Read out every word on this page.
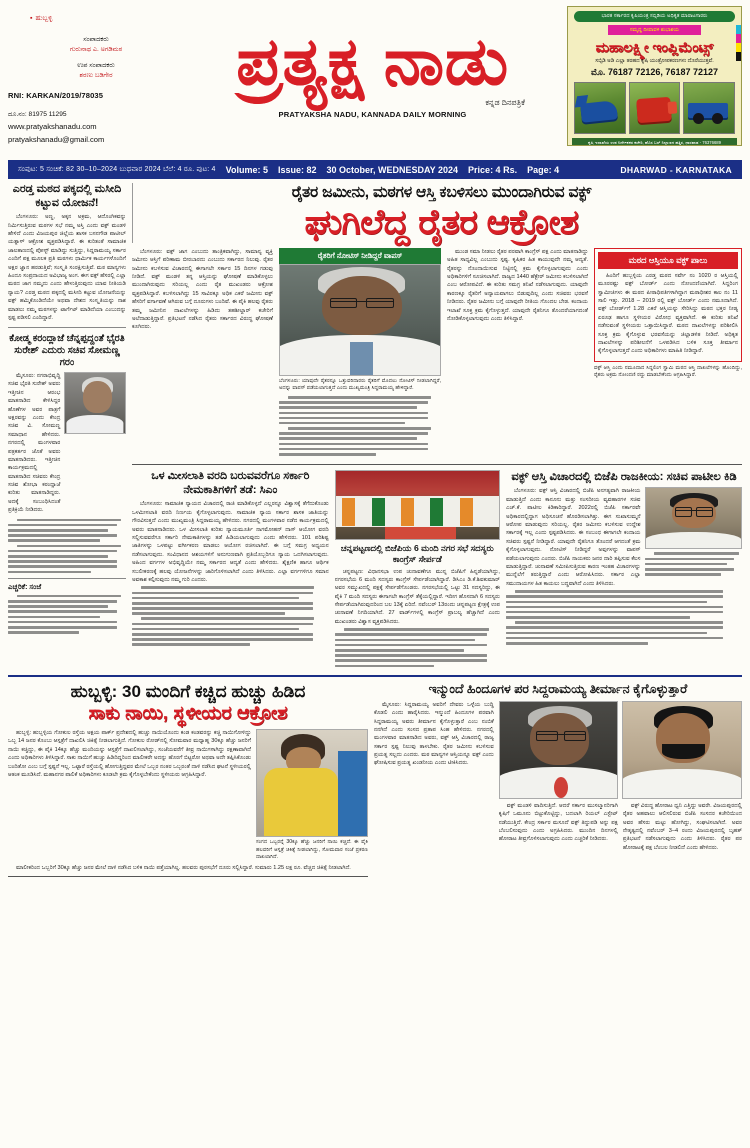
▪ ಹುಬ್ಬಳ್ಳಿ
ಸಂಪಾದಕರು
ಗುರುನಾಥ ಎ. ಅಗಡಿಮಠ
ಉಪ ಸಂಪಾದಕರು
ಶರಣು ಬಡಿಗೇರ
RNI: KARKAN/2019/78035
ದೂ.ನಂ: 81975 11295
www.pratyakshanadu.com
pratyakshanadu@gmail.com
ಪ್ರತ್ಯಕ್ಷ ನಾಡು
ಕನ್ನಡ ದಿನಪತ್ರಿಕೆ
PRATYAKSHA NADU, KANNADA DAILY MORNING
ಭಾರತ ಸರ್ಕಾರದ ಕೃಷಿಯಂತ್ರ ಸಬ್ಸಿಡಿಯ ಅಧಿಕೃತ ಮಾರಾಟಗಾರರು
ಸಮೃದ್ಧ ದೀಪಾವಳಿ ಶುಭಾಶಯ
ಮಹಾಲಕ್ಷ್ಮೀ ಇಂಪ್ಲಿಮೆಂಟ್ಸ್
ಸಬ್ಸಿಡಿ ಅಡಿ ಎಲ್ಲಾ ತರಹದ ಕೃಷಿ ಯಂತ್ರೋಪಕರಣಗಳು ದೊರೆಯುತ್ತವೆ.
ಮೊ. 76187 72126, 76187 72127
ಕೃಷಿ ಇಲಾಖೆಯ ಉಪ ನಿರ್ದೇಶಕರ ಕಚೇರಿ, ಹೊಸ ಬಸ್ ನಿಲ್ದಾಣದ ಹತ್ತಿರ, ಧಾರವಾಡ - 76376689
ಸಂಪುಟ: 5 ಸಂಚಿಕೆ: 82 30–10–2024 ಬುಧವಾರ 2024 ಬೆಲೆ: 4 ರೂ. ಪುಟ: 4 Volume: 5 Issue: 82 30 October, WEDNESDAY 2024 Price: 4 Rs. Page: 4	DHARWAD - KARNATAKA
ಎರಡ್ತ ಮಠದ ಪಕ್ಕದಲ್ಲಿ ಮಸೀದಿ ಕಟ್ಟುವ ಯೋಜನೆ!

ಬೆಂಗಳೂರು: ಅಣ್ಣ, ಅಕ್ಕನ ಅಕ್ರಮ, ಆದೊಂಗಿಕವನ್ನು ನಿರ್ಮಿಸುತ್ತಿರುವ ಮಠಗಳ ಸಭೆ ನಮ್ಮ ಅಸ್ತಿ ಎಂದು ವಕ್ಫ್ ಮಂಡಳಿ ಹೇಳಿದೆ ಎಂದು ವಿಜಯಪುರ ಜಿಲ್ಲೆಯ ಶಾಸಕ ಬಸನಗೌಡ ಪಾಟೀಲ್ ಯತ್ನಾಳ್ ಆಕ್ರೋಶ ವ್ಯಕ್ತಪಡಿಸಿದ್ದಾರೆ. ಈ ಕುರಿತಂತೆ ಸಾಮಾಜಿಕ ಜಾಲತಾಣದಲ್ಲಿ ಪೋಸ್ಟ್ ಮಾಡಿದ್ದು ಸುತ್ತಿದ್ದು, ಸಿದ್ದರಾಮಯ್ಯ ಸರ್ಕಾರ ಎಂದಿಗೆ ಪಕ್ಷ ಮೂಲಕ ಪ್ರತಿ ಮಠಗಳು ಧಾರ್ಮಿಕ ಕಾರ್ಯಗಳೊಂದಿಗೆ ಅಕ್ಷರ ಜ್ಞಾನ ಹರಡುತ್ತಿವೆ; ಸಂಸ್ಕೃತಿ ಸಂರಕ್ಷಿಸುತ್ತಿವೆ. ಮಠ ಮಾನ್ಯಗಳು ಹಿಂದೂ ಸಂಪ್ರದಾಯದ ಅವಿಭಾಜ್ಯ ಅಂಗ. ಈಗ ವಕ್ಫ್ ಹೆಸರಲ್ಲಿ ಎಲ್ಲಾ ಮಠದ ಜಾಗ ನಮ್ಮದು ಎಂದು ಹೇಳುತ್ತಿರುವುದು ಯಾವ ನೀತಿಯಡಿ ನ್ಯಾಯ? ಎರಡ್ತ ಮಠದ ಪಕ್ಕದಲ್ಲಿ ಮಸೀದಿ ಕಟ್ಟುವ ಯೋಜನೆಯನ್ನು ವಕ್ಫ್ ಹಮ್ಮಿಕೊಂಡಿದೆಯೇ ಅಥವಾ ದೇಶದ ಸಂಸ್ಕೃತಿಯನ್ನು ನಾಶ ಮಾಡಲು ನಮ್ಮ ಮಠಗಳನ್ನು ಟಾರ್ಗೆಟ್ ಮಾಡಿದೆಯಾ ಎಂಬುದನ್ನು ಸ್ಪಷ್ಟ ಪಡಿಸಲಿ ಎಂದಿದ್ದಾರೆ.

ಕೋಡ್ಮ ಕರಂದ್ಲಾಜೆ ಚೆನ್ನಪ್ಪದ್ದಂತೆ ಭೈರತಿ ಸುರೇಶ್ ಎದುರು ಸಚಿವ ಸೋಮಣ್ಣ ಗರಂ

ಮೈಸೂರು: ನಗರಾಭಿವೃದ್ಧಿ ಸಚಿವ ಭೈರತಿ ಸುರೇಶ್ ಅವರು ಇತ್ತೀಚಿನ ಆರಂಭ ಮಾತನಾಡಿದ ಕೇಳಿಸಿದ್ದರ ಹೊಣೆಗಳ ಅವರ ಪಾತ್ರಗೆ ಅಕ್ಷರವನ್ನು ಎಂದು ಕೇಂದ್ರ ಸಚಿವ ವಿ. ಸೋಮಣ್ಣ ಸಮಾಧಾನ ಹೇಳಿದರು. ನಗರದಲ್ಲಿ ಮಂಗಳವಾರ ಪತ್ರಕರ್ತರ ಜೊತೆ ಅವರು ಮಾತನಾಡಿದರು. ಇತ್ತೀಚಿನ ಕಾರ್ಯಕ್ರಮದಲ್ಲಿ ಮಾತನಾಡಿದ ಸಚಿವರು ಕೇಂದ್ರ ಸಚಿವ ಶೋಭಾ ಕರಂದ್ಲಾಜೆ ಕುರಿತು ಮಾತನಾಡಿದ್ದರು. ಅದಕ್ಕೆ ಸಂಬಂಧಿಸಿದಂತೆ ಪ್ರತಿಕ್ರಿಯೆ ನೀಡಿದರು.

ಎಚ್ಚರಿಕೆ: ಸಂಜೆ
ರೈತರ ಜಮೀನು, ಮಠಗಳ ಆಸ್ತಿ ಕಬಳಿಸಲು ಮುಂದಾಗಿರುವ ವಕ್ಫ್
ಘುಗಿಲೆದ್ದ ರೈತರ ಆಕ್ರೋಶ

ಬೆಂಗಳೂರು: ವಕ್ಫ್ ಜಾಗ ಎಂಬುದು ತಾಂತ್ರಿಕವಾಗಿದ್ದು, ಸಾಮಾನ್ಯ ವ್ಯಕ್ತಿ ಜಮೀನು ಆಸ್ತಿಗೆ ಪರಿಣಾಮ ಬೀರಬಾರದು ಎಂಬುದು ಸರ್ಕಾರದ ನಿಲುವು. ರೈತರ ಜಮೀನು ಕಬಳಿಸುವ ವಿಚಾರದಲ್ಲಿ ಈಗಾಗಲೇ ಸರ್ಕಾರ 15 ದಿನಗಳ ಗಡುವು ನೀಡಿದೆ. ವಕ್ಫ್ ಮಂಡಳಿ ತನ್ನ ಆಸ್ತಿಯನ್ನು ಘೋಷಣೆ ಮಾಡಿಕೊಳ್ಳಲು ಮುಂದಾಗಿರುವುದು ಸರಿಯಲ್ಲ ಎಂದು ರೈತ ಮುಖಂಡರು ಆಕ್ರೋಶ ವ್ಯಕ್ತಪಡಿಸಿದ್ದಾರೆ. ಕಬಳಿಸಲಾಗಿದ್ದು 15 ಸಾವಿರಕ್ಕೂ ಅಧಿಕ ಎಕರೆ ಜಮೀನು ವಕ್ಫ್ ಹೆಸರಿಗೆ ವರ್ಗಾವಣೆ ಆಗಿರುವ ಬಗ್ಗೆ ದೂರುಗಳು ಬಂದಿವೆ. ಈ ಪೈಕಿ ಹಲವು ರೈತರು ತಮ್ಮ ಜಮೀನಿನ ದಾಖಲೆಗಳನ್ನು ಹಿಡಿದು ತಹಶೀಲ್ದಾರ್ ಕಚೇರಿಗೆ ಅಲೆದಾಡುತ್ತಿದ್ದಾರೆ. ಪ್ರತಿಭಟನೆ ನಡೆಸಿದ ರೈತರು ಸರ್ಕಾರದ ವಿರುದ್ಧ ಘೋಷಣೆ ಕೂಗಿದರು.

ರೈತರಿಗೆ ನೋಟಿಸ್ ನೀಡಿದ್ದರೆ ವಾಪಸ್
ಬೆಂಗಳೂರು: ಯಾವುದೇ ರೈತರನ್ನೂ ಒತ್ತುವರಿದಾರರು ರೈತರಿಗೆ ಮೊದಲು ನೋಟಿಸ್ ನೀಡಲಾಗಿದ್ದರೆ, ಅದನ್ನು ವಾಪಸ್ ಪಡೆಯಲಾಗುತ್ತದೆ ಎಂದು ಮುಖ್ಯಮಂತ್ರಿ ಸಿದ್ದರಾಮಯ್ಯ ಹೇಳಿದ್ದಾರೆ.

ಮುಂಡ ಸಮಾ ನೀಡಲು ರೈತರ ಪರವಾಗಿ ಕಾಂಗ್ರೆಸ್ ಪಕ್ಷ ಎಂದು ಮಾತನಾಡಿದ್ದು ಅಹಿತ ಸಾಧ್ಯವಿಲ್ಲ ಎಂಬುದು ಸ್ಪಷ್ಟ. ಕೃಷಿಕರ ಹಿತ ಕಾಯುವುದೇ ನಮ್ಮ ಆದ್ಯತೆ. ರೈತರನ್ನು ನೊಂದಾಯಿಸುವ ನಿಟ್ಟಿನಲ್ಲಿ ಕ್ರಮ ಕೈಗೊಳ್ಳಲಾಗುವುದು ಎಂದು ಅಧಿಕಾರಿಗಳಿಗೆ ಸೂಚಿಸಲಾಗಿದೆ. ರಾಜ್ಯದ 1440 ಹೆಕ್ಟೇರ್ ಜಮೀನು ಕಬಳಿಸಲಾಗಿದೆ ಎಂಬ ಆರೋಪವಿದೆ. ಈ ಕುರಿತು ಸಮಗ್ರ ತನಿಖೆ ನಡೆಸಲಾಗುವುದು. ಯಾವುದೇ ಕಾರಣಕ್ಕೂ ರೈತರಿಗೆ ಅನ್ಯಾಯವಾಗಲು ಬಿಡುವುದಿಲ್ಲ ಎಂದು ಸಚಿವರು ಭರವಸೆ ನೀಡಿದರು. ರೈತರ ಜಮೀನು ಬಗ್ಗೆ ಯಾವುದೇ ರೀತಿಯ ಗೊಂದಲ ಬೇಡ. ಕಂದಾಯ ಇಲಾಖೆ ಸೂಕ್ತ ಕ್ರಮ ಕೈಗೊಳ್ಳುತ್ತದೆ. ಯಾವುದೇ ರೈತನಿಗೂ ತೊಂದರೆಯಾಗದಂತೆ ನೋಡಿಕೊಳ್ಳಲಾಗುವುದು ಎಂದು ತಿಳಿಸಿದ್ದಾರೆ.

ಮಠದ ಆಸ್ತಿಯೂ ವಕ್ಫ್ ಪಾಲು

ಹಿಂದಿಗೆ ಹುಬ್ಬಳ್ಳಿಯ ಎರಡ್ತ ಮಠದ ಸರ್ವೇ ನಂ 1020 ರ ಆಸ್ತಿಯಲ್ಲಿ ಮೂರರಷ್ಟು ವಕ್ಫ್ ಬೋರ್ಡ್ ಎಂದು ನೋಂದಣಿಯಾಗಿದೆ. ಸಿದ್ದರಿಂಗ ಸ್ವಾಮೀಜಿಗಳು ಈ ಮಠದ ಪೀಠಾಧಿಪತಿಗಳಾಗಿದ್ದಾಗ ಮಠಾಧೀಶರ ಕಾಲ ನಂ 11 ಸಾಲಿ ಇತ್ತು. 2018 – 2019 ರಲ್ಲಿ ವಕ್ಫ್ ಬೋರ್ಡ್ ಎಂದು ನಮೂದಾಗಿದೆ. ವಕ್ಫ್ ಬೋರ್ಡ್‌ಗೆ 1.28 ಎಕರೆ ಆಸ್ತಿಯನ್ನು ಸೇರಿಸಿದ್ದು ಮಠದ ಭಕ್ತರ ನೀಡ್ಯ ಏರೂಢ ಹಾಗೂ ಸ್ಥಳೀಯರ ವಿರೋಧ ವ್ಯಕ್ತವಾಗಿದೆ. ಈ ಕುರಿತು ತನಿಖೆ ನಡೆಸುವಂತೆ ಸ್ಥಳೀಯರು ಒತ್ತಾಯಿಸಿದ್ದಾರೆ. ಮಠದ ದಾಖಲೆಗಳನ್ನು ಪರಿಶೀಲಿಸಿ ಸೂಕ್ತ ಕ್ರಮ ಕೈಗೊಳ್ಳುವ ಭರವಸೆಯನ್ನು ಜಿಲ್ಲಾಡಳಿತ ನೀಡಿದೆ. ಅಧಿಕೃತ ದಾಖಲೆಗಳನ್ನು ಪರಿಶೀಲನೆಗೆ ಒಳಪಡಿಸಿದ ಬಳಿಕ ಸೂಕ್ತ ತೀರ್ಮಾನ ಕೈಗೊಳ್ಳಲಾಗುತ್ತದೆ ಎಂದು ಅಧಿಕಾರಿಗಳು ಮಾಹಿತಿ ನೀಡಿದ್ದಾರೆ.

ವಕ್ಫ್ ಆಸ್ತಿ ಎಂದು ನಮೂದಾದ ಸಿದ್ಧಲಿಂಗ ಸ್ವಾಮಿ ಮಠದ ಆಸ್ತಿ ದಾಖಲೆಗಳನ್ನು ಹೊಂದಿದ್ದು, ರೈತರು ಅಕ್ರಮ ನೋಂದಣಿ ರದ್ದು ಮಾಡಬೇಕೆಂದು ಆಗ್ರಹಿಸಿದ್ದಾರೆ.
ಒಳ ಮೀಸಲಾತಿ ವರದಿ ಬರುವವರೆಗೂ ಸರ್ಕಾರಿ ನೇಮಕಾತಿಗಳಿಗೆ ತಡೆ: ಸಿಎಂ

ಬೆಂಗಳೂರು: ಸಾಮಾಜಿಕ ನ್ಯಾಯದ ವಿಚಾರದಲ್ಲಿ ರಾಜಿ ಮಾಡಿಕೊಳ್ಳದೆ ಎಲ್ಲರನ್ನೂ ವಿಶ್ವಾಸಕ್ಕೆ ತೆಗೆದುಕೊಂಡು ಒಳಮೀಸಲಾತಿ ವರದಿ ನಿರ್ಣಯ ಕೈಗೊಳ್ಳಲಾಗುವುದು. ಸಾಮಾಜಿಕ ನ್ಯಾಯ ಸರ್ಕಾರ ಶಾಸಕ ಜಾತಿಯನ್ನು ಗೌರವಿಸುತ್ತದೆ ಎಂದು ಮುಖ್ಯಮಂತ್ರಿ ಸಿದ್ದರಾಮಯ್ಯ ಹೇಳಿದರು. ನಗರದಲ್ಲಿ ಮಂಗಳವಾರ ನಡೆದ ಕಾರ್ಯಕ್ರಮದಲ್ಲಿ ಅವರು ಮಾತನಾಡಿದರು. ಒಳ ಮೀಸಲಾತಿ ಕುರಿತು ನ್ಯಾಯಮೂರ್ತಿ ನಾಗಮೋಹನ್ ದಾಸ್ ಆಯೋಗ ವರದಿ ಸಲ್ಲಿಸುವವರೆಗೂ ಸರ್ಕಾರಿ ನೇಮಕಾತಿಗಳನ್ನು ತಡೆ ಹಿಡಿಯಲಾಗುವುದು ಎಂದು ಹೇಳಿದರು. 101 ಪರಿಶಿಷ್ಟ ಜಾತಿಗಳನ್ನು ಒಳಪಟ್ಟು ವರ್ಗೀಕರಣ ಮಾಡಲು ಆಯೋಗ ರಚಿಸಲಾಗಿದೆ. ಈ ಬಗ್ಗೆ ಸಮಗ್ರ ಅಧ್ಯಯನ ನಡೆಸಲಾಗುವುದು. ಸಂವಿಧಾನದ ಆಶಯಗಳಿಗೆ ಅನುಗುಣವಾಗಿ ಪ್ರತಿಯೊಬ್ಬರಿಗೂ ನ್ಯಾಯ ಒದಗಿಸಲಾಗುವುದು. ಅಹಿಂದ ವರ್ಗಗಳ ಅಭಿವೃದ್ಧಿಯೇ ನಮ್ಮ ಸರ್ಕಾರದ ಆದ್ಯತೆ ಎಂದು ಹೇಳಿದರು. ಶೈಕ್ಷಣಿಕ ಹಾಗೂ ಆರ್ಥಿಕ ಸಬಲೀಕರಣಕ್ಕೆ ಹಲವು ಯೋಜನೆಗಳನ್ನು ಜಾರಿಗೊಳಿಸಲಾಗಿದೆ ಎಂದು ತಿಳಿಸಿದರು. ಎಲ್ಲಾ ವರ್ಗಗಳಿಗೂ ಸಮಾನ ಅವಕಾಶ ಕಲ್ಪಿಸುವುದು ನಮ್ಮ ಗುರಿ ಎಂದರು.

ಚನ್ನಪಟ್ಟಣದಲ್ಲಿ ಬಿಜೆಪಿಯ 6 ಮಂದಿ ನಗರ ಸಭೆ ಸದಸ್ಯರು ಕಾಂಗ್ರೆಸ್ ಸೇರ್ಪಡೆ

ಚನ್ನಪಟ್ಟಣ: ವಿಧಾನಸಭಾ ಉಪ ಚುನಾವಣೆಗೂ ಮುನ್ನ ಬಿಜೆಪಿಗೆ ಹಿನ್ನಡೆಯಾಗಿದ್ದು, ನಗರಸಭೆಯ 6 ಮಂದಿ ಸದಸ್ಯರು ಕಾಂಗ್ರೆಸ್ ಸೇರ್ಪಡೆಯಾಗಿದ್ದಾರೆ. ಡಿಸಿಎಂ ಡಿ.ಕೆ.ಶಿವಕುಮಾರ್ ಅವರ ಸಮ್ಮುಖದಲ್ಲಿ ಪಕ್ಷಕ್ಕೆ ಸೇರ್ಪಡೆಗೊಂಡರು. ನಗರಸಭೆಯಲ್ಲಿ ಒಟ್ಟು 31 ಸದಸ್ಯರಿದ್ದು, ಈ ಪೈಕಿ 7 ಮಂದಿ ಸದಸ್ಯರು ಈಗಾಗಲೇ ಕಾಂಗ್ರೆಸ್ ತೆಕ್ಕೆಯಲ್ಲಿದ್ದಾರೆ. ಇದೀಗ ಹೊಸದಾಗಿ 6 ಸದಸ್ಯರು ಸೇರ್ಪಡೆಯಾಗಿರುವುದರಿಂದ ಬಲ 13ಕ್ಕೆ ಏರಿದೆ. ನವೆಂಬರ್ 13ರಂದು ಚನ್ನಪಟ್ಟಣ ಕ್ಷೇತ್ರಕ್ಕೆ ಉಪ ಚುನಾವಣೆ ನಿಗದಿಯಾಗಿದೆ. 27 ವಾರ್ಡ್‌ಗಳಲ್ಲಿ ಕಾಂಗ್ರೆಸ್ ಪ್ರಾಬಲ್ಯ ಹೆಚ್ಚಾಗಿದೆ ಎಂದು ಮುಖಂಡರು ವಿಶ್ವಾಸ ವ್ಯಕ್ತಪಡಿಸಿದರು.

ವಕ್ಫ್ ಆಸ್ತಿ ವಿಚಾರದಲ್ಲಿ ಬಿಜೆಪಿ ರಾಜಕೀಯ: ಸಚಿವ ಪಾಟೀಲ ಕಿಡಿ

ಬೆಂಗಳೂರು: ವಕ್ಫ್ ಆಸ್ತಿ ವಿಚಾರದಲ್ಲಿ ಬಿಜೆಪಿ ಅನಗತ್ಯವಾಗಿ ರಾಜಕೀಯ ಮಾಡುತ್ತಿದೆ ಎಂದು ಕಾನೂನು ಮತ್ತು ಸಂಸದೀಯ ವ್ಯವಹಾರಗಳ ಸಚಿವ ಎಚ್.ಕೆ. ಪಾಟೀಲ ಕಿಡಿಕಾರಿದ್ದಾರೆ. 2022ರಲ್ಲಿ ಬಿಜೆಪಿ ಸರ್ಕಾರವೇ ಅಧಿಕಾರದಲ್ಲಿದ್ದಾಗ ಅಧಿಸೂಚನೆ ಹೊರಡಿಸಲಾಗಿತ್ತು. ಈಗ ಸುಖಾಸುಮ್ಮನೆ ಆರೋಪ ಮಾಡುವುದು ಸರಿಯಲ್ಲ. ರೈತರ ಜಮೀನು ಕಬಳಿಸುವ ಉದ್ದೇಶ ಸರ್ಕಾರಕ್ಕೆ ಇಲ್ಲ ಎಂದು ಸ್ಪಷ್ಟಪಡಿಸಿದರು. ಈ ಸಂಬಂಧ ಈಗಾಗಲೇ ಕಂದಾಯ ಸಚಿವರು ಸ್ಪಷ್ಟನೆ ನೀಡಿದ್ದಾರೆ. ಯಾವುದೇ ರೈತನಿಗೂ ತೊಂದರೆ ಆಗದಂತೆ ಕ್ರಮ ಕೈಗೊಳ್ಳಲಾಗುವುದು. ನೋಟಿಸ್ ನೀಡಿದ್ದರೆ ಅವುಗಳನ್ನು ವಾಪಸ್ ಪಡೆಯಲಾಗುವುದು ಎಂದರು. ಬಿಜೆಪಿ ನಾಯಕರು ಜನರ ದಾರಿ ತಪ್ಪಿಸುವ ಕೆಲಸ ಮಾಡುತ್ತಿದ್ದಾರೆ. ಚುನಾವಣೆ ಸಮೀಪಿಸುತ್ತಿರುವ ಕಾರಣ ಇಂತಹ ವಿಚಾರಗಳನ್ನು ಮುನ್ನೆಲೆಗೆ ತರುತ್ತಿದ್ದಾರೆ ಎಂದು ಆರೋಪಿಸಿದರು. ಸರ್ಕಾರ ಎಲ್ಲಾ ಸಮುದಾಯಗಳ ಹಿತ ಕಾಯಲು ಬದ್ಧವಾಗಿದೆ ಎಂದು ತಿಳಿಸಿದರು.

ಹುಬ್ಬಳ್ಳಿ: 30 ಮಂದಿಗೆ ಕಚ್ಚಿದ ಹುಚ್ಚು ಹಿಡಿದ
ಸಾಕು ನಾಯಿ, ಸ್ಥಳೀಯರ ಆಕ್ರೋಶ

ಹುಬ್ಬಳ್ಳಿ: ಹುಬ್ಬಳ್ಳಿಯ ಗೋಕುಲ ರಸ್ತೆಯ ಅಕ್ಷಯ ಪಾರ್ಕ್ ಪ್ರದೇಶದಲ್ಲಿ ಹುಚ್ಚು ನಾಯಿಯೊಂದು ಕಂಡ ಕಂಡವರನ್ನು ಕಚ್ಚಿ ನಾಯಿಗೋಳಿದ್ದು ಒಬ್ಬ 14 ಜನರ ಕೊಂಬು ಆಸ್ಪತ್ರೆಗೆ ದಾಖಲಿಸಿ ಚಿಕಿತ್ಸೆ ನೀಡಲಾಗುತ್ತಿದೆ. ಗೋಕುಲ ರೋಡ್‌ನಲ್ಲಿ ಸೋಮವಾರ ಮಧ್ಯಾಹ್ನ 30ಕ್ಕೂ ಹೆಚ್ಚು ಜನರಿಗೆ ನಾಯಿ ಕಚ್ಚಿದ್ದು, ಈ ಪೈಕಿ 14ಕ್ಕೂ ಹೆಚ್ಚು ಮಂದಿಯನ್ನು ಆಸ್ಪತ್ರೆಗೆ ದಾಖಲಿಸಲಾಗಿದ್ದು, ಸಂಜೆಯವರೆಗೆ ತೀವ್ರ ನಾಯಿಗಳಾಗಿದ್ದು ರಕ್ಷಣಾವಾಗಿದೆ ಎಂದು ಅಧಿಕಾರಿಗಳು ತಿಳಿಸಿದ್ದಾರೆ. ಸಾಕು ನಾಯಿಗೆ ಹುಚ್ಚು ಹಿಡಿದಿದ್ದರಿಂದ ಮಾಲೀಕರೇ ಅದನ್ನು ಹೊರಗೆ ಬಿಟ್ಟರೋ ಅಥವಾ ಅದೇ ತಪ್ಪಿಸಿಕೊಂಡು ಬಂದಿತೋ ಎಂಬ ಬಗ್ಗೆ ಸ್ಪಷ್ಟನೆ ಇಲ್ಲ. ಒಟ್ಟಾರೆ ರಸ್ತೆಯಲ್ಲಿ ಹೋಗುತ್ತಿದ್ದವರ ಮೇಲೆ ಒಬ್ಬರ ನಂತರ ಒಬ್ಬರಂತೆ ದಾಳಿ ನಡೆಸಿದ ಘಟನೆ ಸ್ಥಳೀಯರಲ್ಲಿ ಆತಂಕ ಮೂಡಿಸಿದೆ. ಮಹಾನಗರ ಪಾಲಿಕೆ ಅಧಿಕಾರಿಗಳು ಕೂಡಲೇ ಕ್ರಮ ಕೈಗೊಳ್ಳಬೇಕೆಂದು ಸ್ಥಳೀಯರು ಆಗ್ರಹಿಸಿದ್ದಾರೆ.

ಸಂಗದ ಒಬ್ಬರನ್ನೆ 30ಕ್ಕೂ ಹೆಚ್ಚು ಜನರಿಗೆ ನಾಯಿ ಕಚ್ಚಿದೆ. ಈ ಪೈಕಿ ಹಲವರಿಗೆ ಆಸ್ಪತ್ರೆ ಚಿಕಿತ್ಸೆ ನೀಡಲಾಗಿದ್ದು, ಸೋಮವಾರ ಸಂಜೆ ಪ್ರಕರಣ ದಾಖಲಾಗಿದೆ.

ಮಾಲೀಕರಿಂದ ಒಬ್ಬರಿಗೆ 30ಕ್ಕೂ ಹೆಚ್ಚು ಜನರ ಮೇಲೆ ದಾಳಿ ನಡೆಸಿದ ಬಳಿಕ ನಾಯಿ ಪತ್ತೆಯಾಗಿಲ್ಲ. ಹಲವರು ಪುರಸಭೆಗೆ ದೂರು ಸಲ್ಲಿಸಿದ್ದಾರೆ. ಸುಮಾರು 1.25 ಲಕ್ಷ ರೂ. ವೆಚ್ಚದ ಚಿಕಿತ್ಸೆ ನೀಡಲಾಗಿದೆ.

ಇನ್ಮುಂದೆ ಹಿಂದೂಗಳ ಪರ ಸಿದ್ದರಾಮಯ್ಯ ತೀರ್ಮಾನ ಕೈಗೊಳ್ಳುತ್ತಾರೆ

ಮೈಸೂರು: ಸಿದ್ದರಾಮಯ್ಯ ಅವರಿಗೆ ದೇವರು ಒಳ್ಳೆಯ ಬುದ್ಧಿ ಕೊಡಲಿ ಎಂದು ಹಾರೈಸಿದರು. ಇನ್ಮುಂದೆ ಹಿಂದೂಗಳ ಪರವಾಗಿ ಸಿದ್ದರಾಮಯ್ಯ ಅವರು ತೀರ್ಮಾನ ಕೈಗೊಳ್ಳುತ್ತಾರೆ ಎಂಬ ನಂಬಿಕೆ ನನಗಿದೆ ಎಂದು ಸಂಸದ ಪ್ರತಾಪ ಸಿಂಹ ಹೇಳಿದರು. ನಗರದಲ್ಲಿ ಮಂಗಳವಾರ ಮಾತನಾಡಿದ ಅವರು, ವಕ್ಫ್ ಆಸ್ತಿ ವಿಚಾರದಲ್ಲಿ ರಾಜ್ಯ ಸರ್ಕಾರ ಸ್ಪಷ್ಟ ನಿಲುವು ತಾಳಬೇಕು. ರೈತರ ಜಮೀನು ಕಬಳಿಸುವ ಪ್ರಯತ್ನ ಸಲ್ಲದು ಎಂದರು. ಮಠ ಮಾನ್ಯಗಳ ಆಸ್ತಿಯನ್ನೂ ವಕ್ಫ್ ಎಂದು ಘೋಷಿಸುವ ಪ್ರಯತ್ನ ಖಂಡನೀಯ ಎಂದು ಟೀಕಿಸಿದರು.

ವಕ್ಫ್ ಮಂಡಳಿ ವಾದಿಸುತ್ತಿದೆ. ಆದರೆ ಸರ್ಕಾರ ಮುಸಲ್ಮಾನರಿಗಾಗಿ ಕೃಷಿಗೆ ಒಮೂನು ಬಿಟ್ಟುಕೊಟ್ಟಿದ್ದು, ಬದಲಾಗಿ ರಿಯಲ್ ಎಸ್ಟೇಟ್ ನಡೆಯುತ್ತಿದೆ. ಕೇಂದ್ರ ಸರ್ಕಾರ ಮಸೂದೆ ವಕ್ಫ್ ತಿದ್ದುಪಡಿ ಅನ್ನು ಪಕ್ಷ ಬೆಂಬಲಿಸುವುದು ಎಂದು ಅಗ್ರಹಿಸಿದರು. ಮುಂದಿನ ದಿನಗಳಲ್ಲಿ ಹೋರಾಟ ತೀವ್ರಗೊಳಿಸಲಾಗುವುದು ಎಂದು ಎಚ್ಚರಿಕೆ ನೀಡಿದರು.

ವಕ್ಫ್ ವಿರುದ್ಧ ಹೋರಾಟ ಧ್ವನಿ ಎತ್ತಿದ್ದು ಅವರೇ. ವಿಜಯಪುರದಲ್ಲಿ ರೈತರ ಅಹವಾಲು ಆಲಿಸಲಿರುವ ಬಿಜೆಪಿ ಸಂಸದರ ಕಚೇರಿಯಿಂದ ಅವರ ಹೆಸರು ಮಟ್ಟು ಹೋಗಿದ್ದು, ಸಂಘಟಿಸಲಾಗಿದೆ. ಅವರ ನೇತೃತ್ವದಲ್ಲಿ ನವೆಂಬರ್ 3–4 ರಂದು ವಿಜಯಪುರದಲ್ಲಿ ಬೃಹತ್ ಪ್ರತಿಭಟನೆ ನಡೆಸಲಾಗುವುದು ಎಂದು ತಿಳಿಸಿದರು. ರೈತರ ಪರ ಹೋರಾಟಕ್ಕೆ ಪಕ್ಷ ಬೆಂಬಲ ನೀಡಲಿದೆ ಎಂದು ಹೇಳಿದರು.
